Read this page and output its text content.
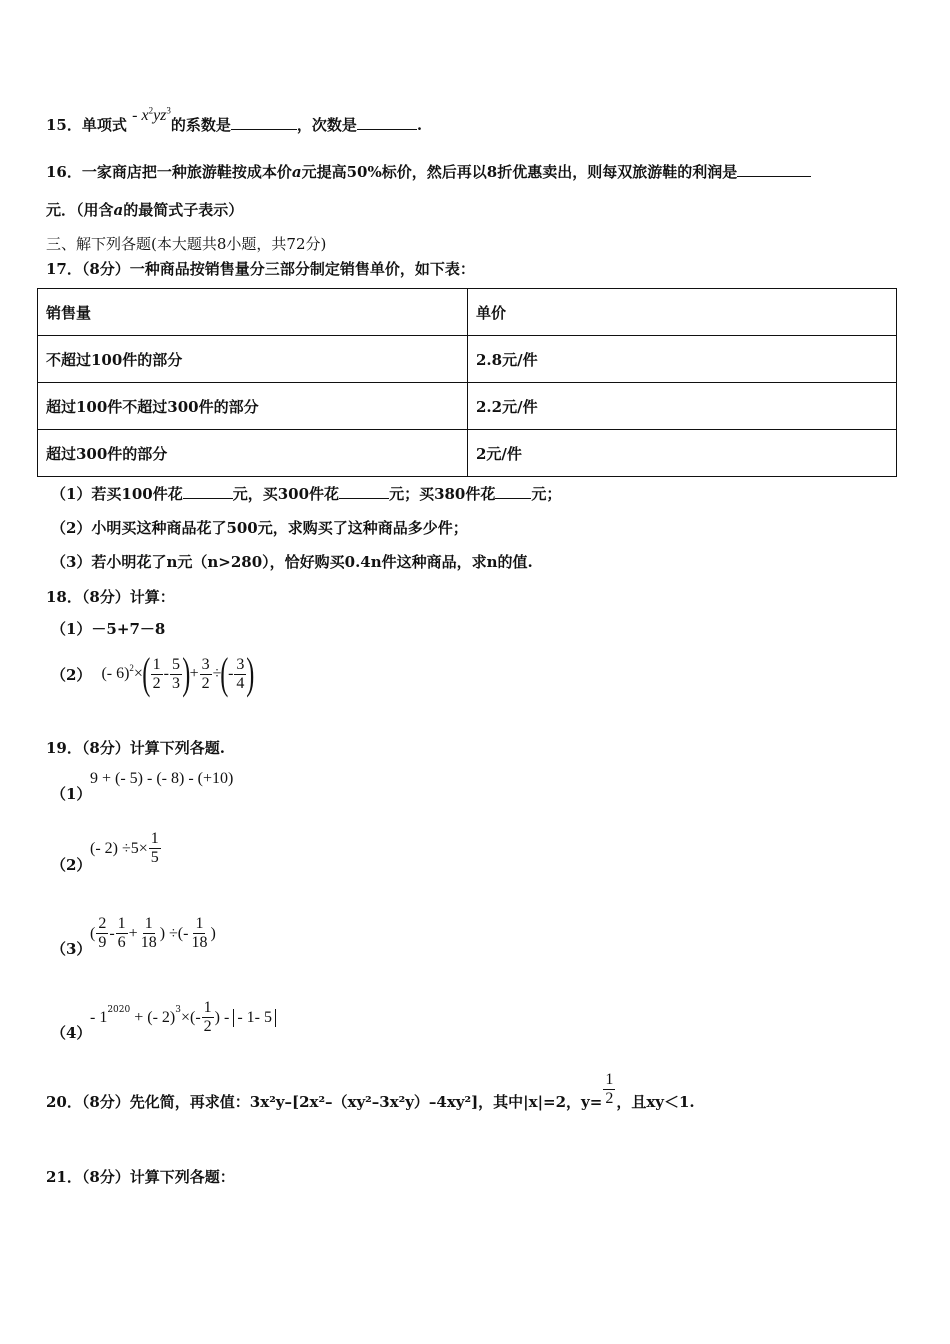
15．单项式 - $x^2yz^3$的系数是	，次数是	.
16．一家商店把一种旅游鞋按成本价a元提高50%标价，然后再以8折优惠卖出，则每双旅游鞋的利润是
元．（用含a的最简式子表示）
三、解下列各题(本大题共8小题，共72分)
17．（8分）一种商品按销售量分三部分制定销售单价，如下表：
销售量	单价
不超过100件的部分	2.8元/件
超过100件不超过300件的部分	2.2元/件
超过300件的部分	2元/件
（1）若买100件花	元，买300件花	元；买380件花 元；
（2）小明买这种商品花了500元，求购买了这种商品多少件；
（3）若小明花了n元（n>280），恰好购买0.4n件这种商品，求n的值.
18．（8分）计算：
（1）－5+7－8
（2） (- 6) 2 × ( $\frac{1}{2} - \frac{5}{3}$ ) + $\frac{3}{2}$ ÷ ( - $\frac{3}{4}$ )
19．（8分）计算下列各题.
（1）
9 + (- 5) - (- 8) - (+10)
（2）
(- $2) \div 5\times \frac{1}{5}$
（3）
( $\frac{2}{9} - \frac{1}{6} + \frac{1}{18}$ ) ÷(- $\frac{1}{18}$ )
（4）
- 1 2020 + (- 2) 3 ×(- $\frac{1}{2}$ ) - - 1- 5
20．（8分）先化简，再求值：3x²y–[2x²–（xy²–3x²y）–4xy²]，其中|x|=2，$y= \frac{1}{2}$ ，且xy＜1.
21．（8分）计算下列各题：
